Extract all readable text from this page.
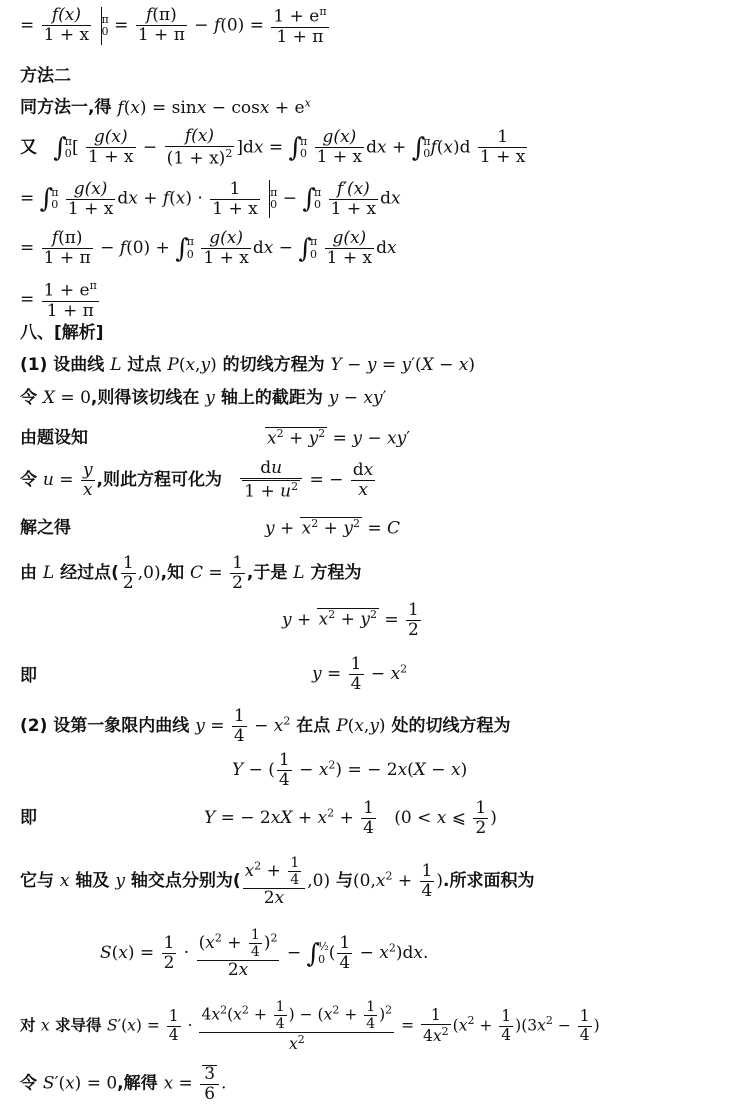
= $\frac{f(x)}{1 + x}$
π
$0 = \frac{f(\pi)}{1 + \pi} - f(0) = \frac{1 + e^\pi}{1 + \pi}$
方法二
同方法一,得 $f(x) = \sin x - \cos x + e^x$
又 ∫
π
0 [ $\frac{g(x)}{1 + x} - \frac{f(x)}{(1 + x)^2} ]dx$ = ∫
π
0
$\frac{g(x)}{1 + x}$ dx + ∫
π
0 $f(x)d \frac{1}{1 + x}$
= ∫
π
0
$\frac{g(x)}{1 + x}$ dx + $f(x) \cdot \frac{1}{1 + x}$
π
0 − ∫
π
0
$\frac{f'(x)}{1 + x}$ dx
= $\frac{f(\pi)}{1 + \pi} - f(0)$ + ∫
π
0
$\frac{g(x)}{1 + x}$ dx − ∫
π
0
$\frac{g(x)}{1 + x}$ dx
= $\frac{1 + e^\pi}{1 + \pi}$
八、[解析]
(1) 设曲线 L 过点 P(x,y) 的切线方程为 Y − y = y′(X − x)
令 X = 0,则得该切线在 y 轴上的截距为 y − xy′
由题设知	$x^2 + y^2 = y - xy'$
令 $u = \frac{y}{x}$ ,则此方程可化为 $\frac{du}{1 + u^2}$ = − $\frac{dx}{x}$
解之得	$y + x^2 + y^2 = C$
由 L 经过点( $\frac{1}{2} ,0$),知 $C = \frac{1}{2}$ ,于是 L 方程为
$y + x^2 + y^2 = \frac{1}{2}$
即	$y = \frac{1}{4} - x^2$
(2) 设第一象限内曲线 $y = \frac{1}{4} - x^2$ 在点 P(x,y) 处的切线方程为
Y − ( $\frac{1}{4} - x^2$) = − 2x(X − x)
即	Y = − $2xX + x^2 + \frac{1}{4} (0 < x$ ⩽ $\frac{1}{2}$ )
它与 x 轴及 y 轴交点分别为( $\frac{x^2 + \frac{1}{4}}{2x} ,0$) 与($0,x^2 + \frac{1}{4}$ ).所求面积为
$S(x) = \frac{1}{2} \cdot \frac{(x^2 + \frac{1}{4} )^2}{2x}$ − ∫
½
0 ( $\frac{1}{4} - x^2)dx$.
对 x 求导得 $S'(x) = \frac{1}{4} \cdot \frac{4x^2(x^2 + \frac{1}{4} ) - (x^2 + \frac{1}{4} )^2}{x^2} = \frac{1}{4x^2} (x^2 + \frac{1}{4} )(3x^2 - \frac{1}{4}$ )
令 S′(x) = 0,解得 $x = \frac{3}{6}$ .
